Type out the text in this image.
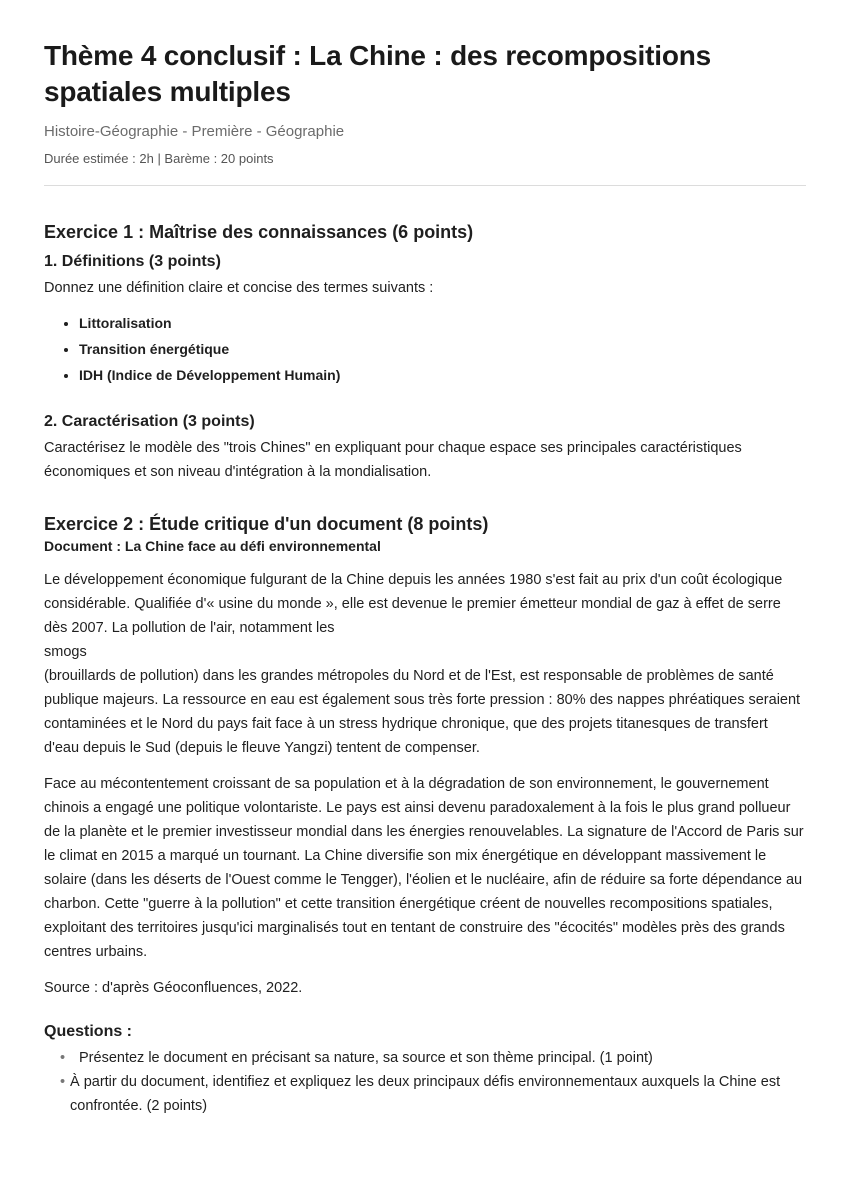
Thème 4 conclusif : La Chine : des recompositions spatiales multiples
Histoire-Géographie - Première - Géographie
Durée estimée : 2h | Barème : 20 points
Exercice 1 : Maîtrise des connaissances (6 points)
1. Définitions (3 points)

Donnez une définition claire et concise des termes suivants :

• Littoralisation
• Transition énergétique
• IDH (Indice de Développement Humain)
2. Caractérisation (3 points)

Caractérisez le modèle des "trois Chines" en expliquant pour chaque espace ses principales caractéristiques économiques et son niveau d'intégration à la mondialisation.

Exercice 2 : Étude critique d'un document (8 points)
Document : La Chine face au défi environnemental

Le développement économique fulgurant de la Chine depuis les années 1980 s'est fait au prix d'un coût écologique considérable. Qualifiée d'« usine du monde », elle est devenue le premier émetteur mondial de gaz à effet de serre dès 2007. La pollution de l'air, notamment les

smogs

(brouillards de pollution) dans les grandes métropoles du Nord et de l'Est, est responsable de problèmes de santé publique majeurs. La ressource en eau est également sous très forte pression : 80% des nappes phréatiques seraient contaminées et le Nord du pays fait face à un stress hydrique chronique, que des projets titanesques de transfert d'eau depuis le Sud (depuis le fleuve Yangzi) tentent de compenser.

Face au mécontentement croissant de sa population et à la dégradation de son environnement, le gouvernement chinois a engagé une politique volontariste. Le pays est ainsi devenu paradoxalement à la fois le plus grand pollueur de la planète et le premier investisseur mondial dans les énergies renouvelables. La signature de l'Accord de Paris sur le climat en 2015 a marqué un tournant. La Chine diversifie son mix énergétique en développant massivement le solaire (dans les déserts de l'Ouest comme le Tengger), l'éolien et le nucléaire, afin de réduire sa forte dépendance au charbon. Cette "guerre à la pollution" et cette transition énergétique créent de nouvelles recompositions spatiales, exploitant des territoires jusqu'ici marginalisés tout en tentant de construire des "écocités" modèles près des grands centres urbains.

Source : d'après Géoconfluences, 2022.

Questions :
• Présentez le document en précisant sa nature, sa source et son thème principal. (1 point)
• À partir du document, identifiez et expliquez les deux principaux défis environnementaux auxquels la Chine est confrontée. (2 points)
